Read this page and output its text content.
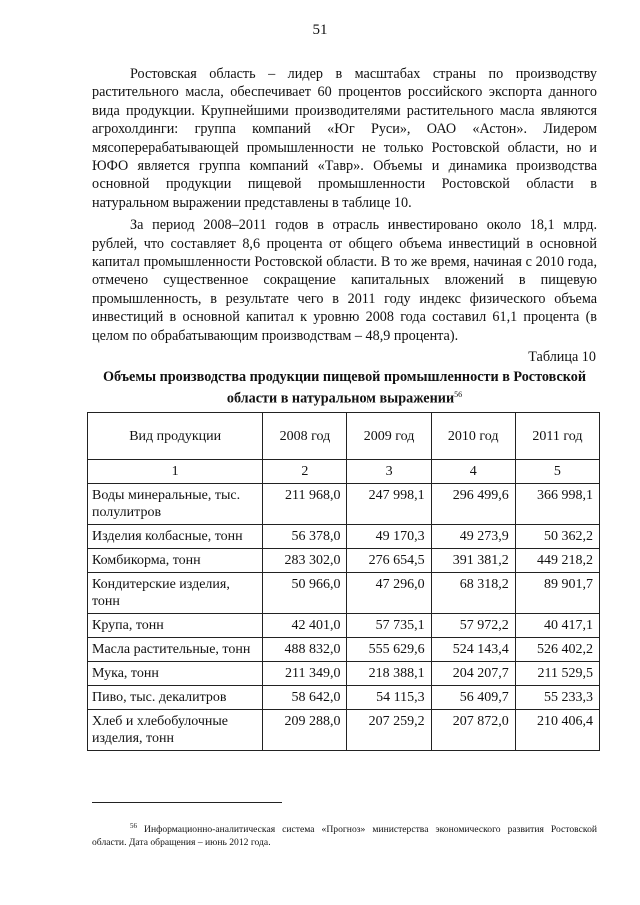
51

Ростовская область – лидер в масштабах страны по производству растительного масла, обеспечивает 60 процентов российского экспорта данного вида продукции. Крупнейшими производителями растительного масла являются агрохолдинги: группа компаний «Юг Руси», ОАО «Астон». Лидером мясоперерабатывающей промышленности не только Ростовской области, но и ЮФО является группа компаний «Тавр». Объемы и динамика производства основной продукции пищевой промышленности Ростовской области в натуральном выражении представлены в таблице 10.

За период 2008–2011 годов в отрасль инвестировано около 18,1 млрд. рублей, что составляет 8,6 процента от общего объема инвестиций в основной капитал промышленности Ростовской области. В то же время, начиная с 2010 года, отмечено существенное сокращение капитальных вложений в пищевую промышленность, в результате чего в 2011 году индекс физического объема инвестиций в основной капитал к уровню 2008 года составил 61,1 процента (в целом по обрабатывающим производствам – 48,9 процента).

Таблица 10
Объемы производства продукции пищевой промышленности в Ростовской области в натуральном выражении$^{56}$
Вид продукции	2008 год	2009 год	2010 год	2011 год
1	2	3	4	5
Воды минеральные, тыс. полулитров	211 968,0	247 998,1	296 499,6	366 998,1
Изделия колбасные, тонн	56 378,0	49 170,3	49 273,9	50 362,2
Комбикорма, тонн	283 302,0	276 654,5	391 381,2	449 218,2
Кондитерские изделия, тонн	50 966,0	47 296,0	68 318,2	89 901,7
Крупа, тонн	42 401,0	57 735,1	57 972,2	40 417,1
Масла растительные, тонн	488 832,0	555 629,6	524 143,4	526 402,2
Мука, тонн	211 349,0	218 388,1	204 207,7	211 529,5
Пиво, тыс. декалитров	58 642,0	54 115,3	56 409,7	55 233,3
Хлеб и хлебобулочные изделия, тонн	209 288,0	207 259,2	207 872,0	210 406,4
$^{56}$ Информационно-аналитическая система «Прогноз» министерства экономического развития Ростовской области. Дата обращения – июнь 2012 года.
